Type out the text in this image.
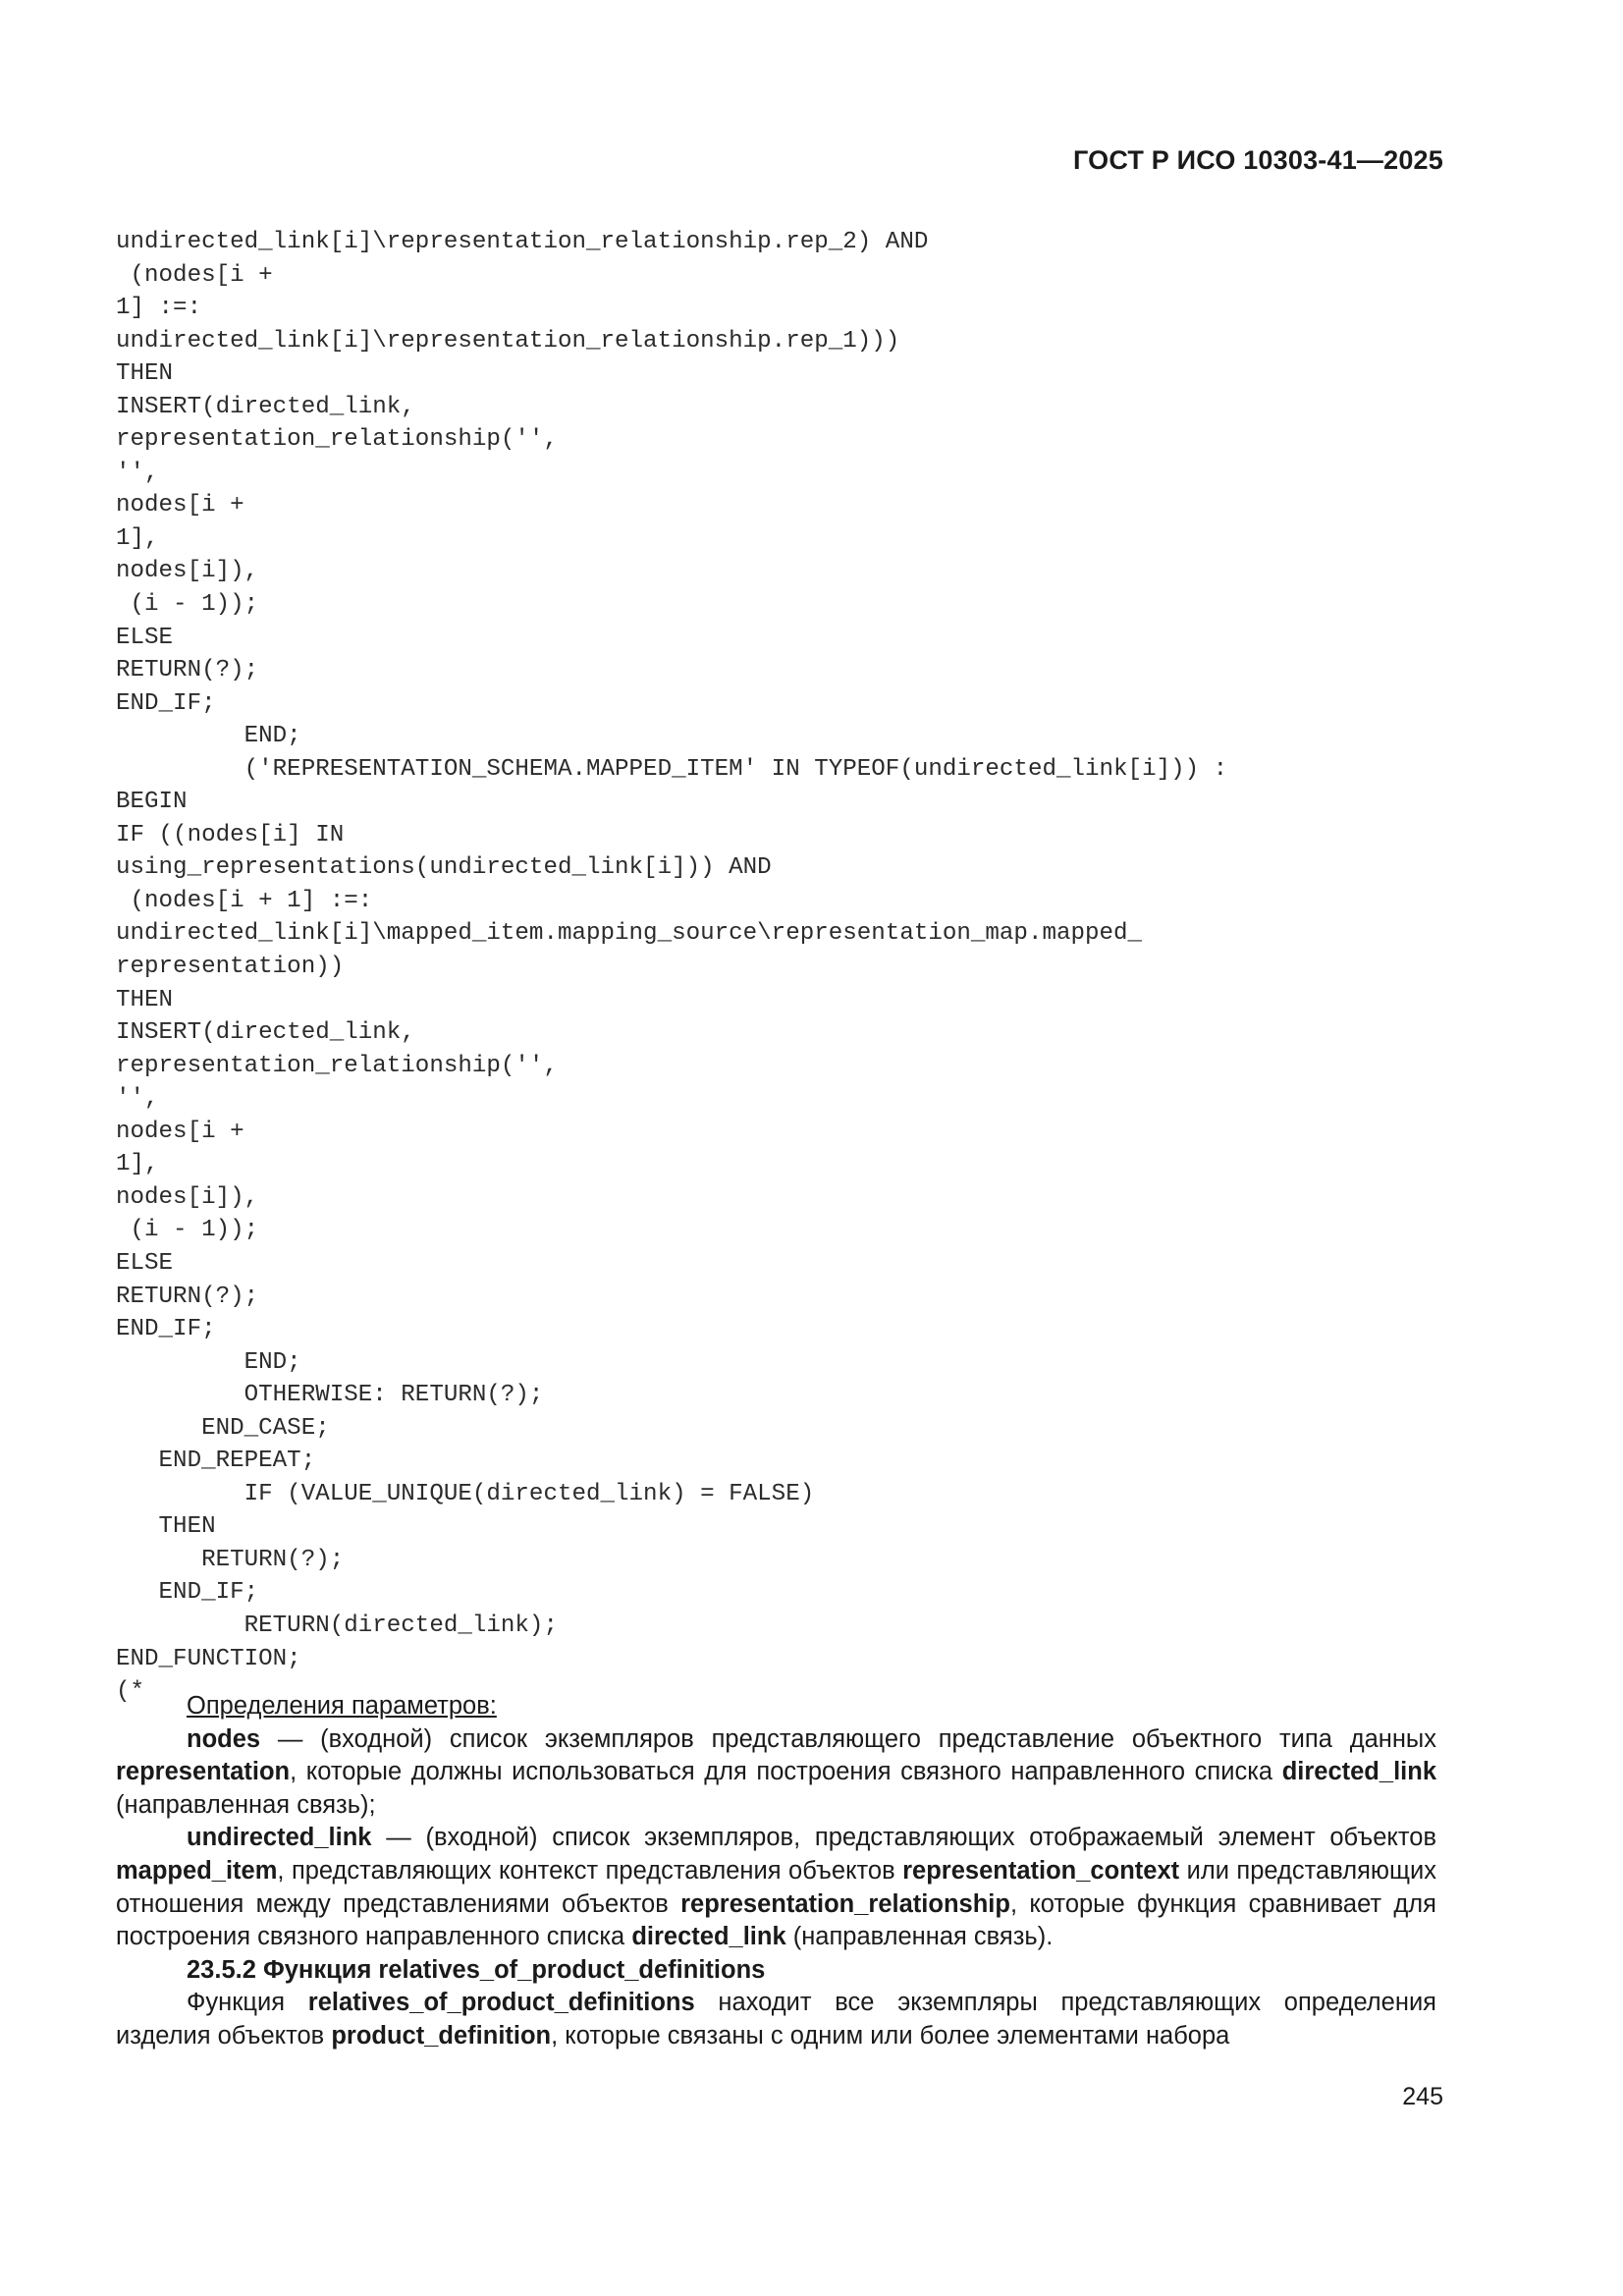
ГОСТ Р ИСО 10303-41—2025
undirected_link[i]\representation_relationship.rep_2) AND
(nodes[i +
1] :=:
undirected_link[i]\representation_relationship.rep_1)))
THEN
INSERT(directed_link,
representation_relationship('',
'',
nodes[i +
1],
nodes[i]),
(i - 1));
ELSE
RETURN(?);
END_IF;
END;
('REPRESENTATION_SCHEMA.MAPPED_ITEM' IN TYPEOF(undirected_link[i])) :
BEGIN
IF ((nodes[i] IN
using_representations(undirected_link[i])) AND
(nodes[i + 1] :=:
undirected_link[i]\mapped_item.mapping_source\representation_map.mapped_
representation))
THEN
INSERT(directed_link,
representation_relationship('',
'',
nodes[i +
1],
nodes[i]),
(i - 1));
ELSE
RETURN(?);
END_IF;
END;
OTHERWISE: RETURN(?);
END_CASE;
END_REPEAT;
IF (VALUE_UNIQUE(directed_link) = FALSE)
THEN
RETURN(?);
END_IF;
RETURN(directed_link);
END_FUNCTION;
(*

Определения параметров:

nodes — (входной) список экземпляров представляющего представление объектного типа данных representation, которые должны использоваться для построения связного направленного списка directed_link (направленная связь);

undirected_link — (входной) список экземпляров, представляющих отображаемый элемент объектов mapped_item, представляющих контекст представления объектов representation_context или представляющих отношения между представлениями объектов representation_relationship, которые функция сравнивает для построения связного направленного списка directed_link (направленная связь).

23.5.2 Функция relatives_of_product_definitions

Функция relatives_of_product_definitions находит все экземпляры представляющих определения изделия объектов product_definition, которые связаны с одним или более элементами набора

245
